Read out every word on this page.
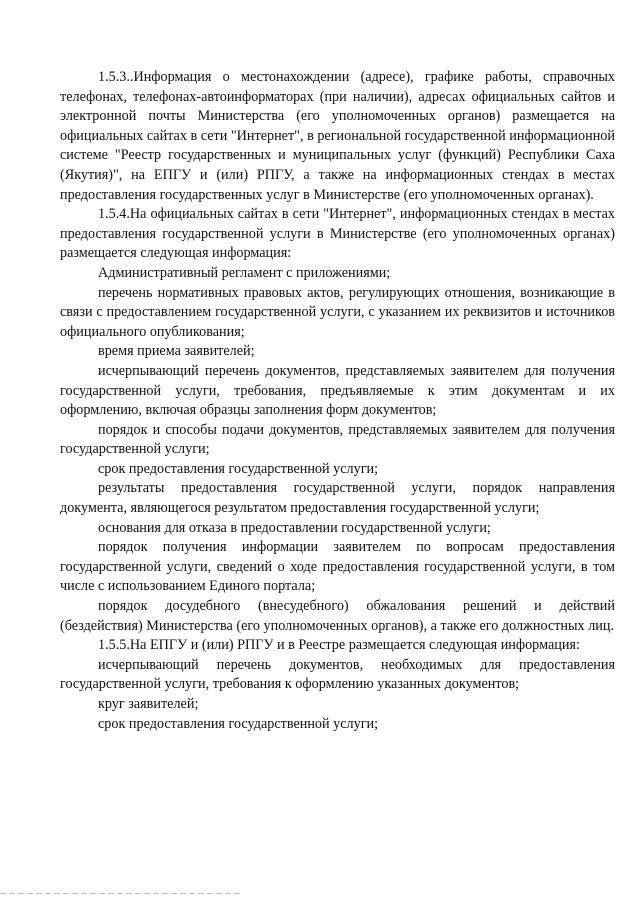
1.5.3..Информация о местонахождении (адресе), графике работы, справочных телефонах, телефонах-автоинформаторах (при наличии), адресах официальных сайтов и электронной почты Министерства (его уполномоченных органов) размещается на официальных сайтах в сети "Интернет", в региональной государственной информационной системе "Реестр государственных и муниципальных услуг (функций) Республики Саха (Якутия)", на ЕПГУ и (или) РПГУ, а также на информационных стендах в местах предоставления государственных услуг в Министерстве (его уполномоченных органах).

1.5.4.На официальных сайтах в сети "Интернет", информационных стендах в местах предоставления государственной услуги в Министерстве (его уполномоченных органах) размещается следующая информация:

Административный регламент с приложениями;

перечень нормативных правовых актов, регулирующих отношения, возникающие в связи с предоставлением государственной услуги, с указанием их реквизитов и источников официального опубликования;

время приема заявителей;

исчерпывающий перечень документов, представляемых заявителем для получения государственной услуги, требования, предъявляемые к этим документам и их оформлению, включая образцы заполнения форм документов;

порядок и способы подачи документов, представляемых заявителем для получения государственной услуги;

срок предоставления государственной услуги;

результаты предоставления государственной услуги, порядок направления документа, являющегося результатом предоставления государственной услуги;

основания для отказа в предоставлении государственной услуги;

порядок получения информации заявителем по вопросам предоставления государственной услуги, сведений о ходе предоставления государственной услуги, в том числе с использованием Единого портала;

порядок досудебного (внесудебного) обжалования решений и действий (бездействия) Министерства (его уполномоченных органов), а также его должностных лиц.

1.5.5.На ЕПГУ и (или) РПГУ и в Реестре размещается следующая информация:

исчерпывающий перечень документов, необходимых для предоставления государственной услуги, требования к оформлению указанных документов;

круг заявителей;

срок предоставления государственной услуги;
